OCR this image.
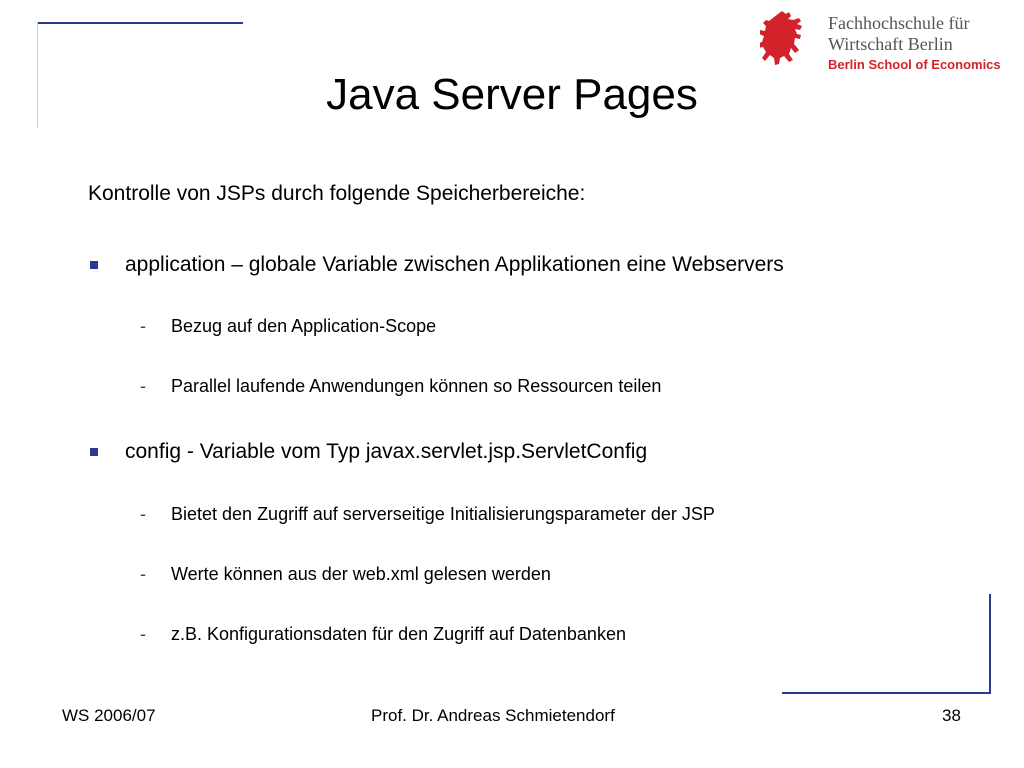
Fachhochschule für
Wirtschaft Berlin
Berlin School of Economics
Java Server Pages
Kontrolle von JSPs durch folgende Speicherbereiche:
application – globale Variable zwischen Applikationen eine Webservers
- Bezug auf den Application-Scope
- Parallel laufende Anwendungen können so Ressourcen teilen
config - Variable vom Typ javax.servlet.jsp.ServletConfig
- Bietet den Zugriff auf serverseitige Initialisierungsparameter der JSP
- Werte können aus der web.xml gelesen werden
- z.B. Konfigurationsdaten für den Zugriff auf Datenbanken
WS 2006/07	Prof. Dr. Andreas Schmietendorf	38
